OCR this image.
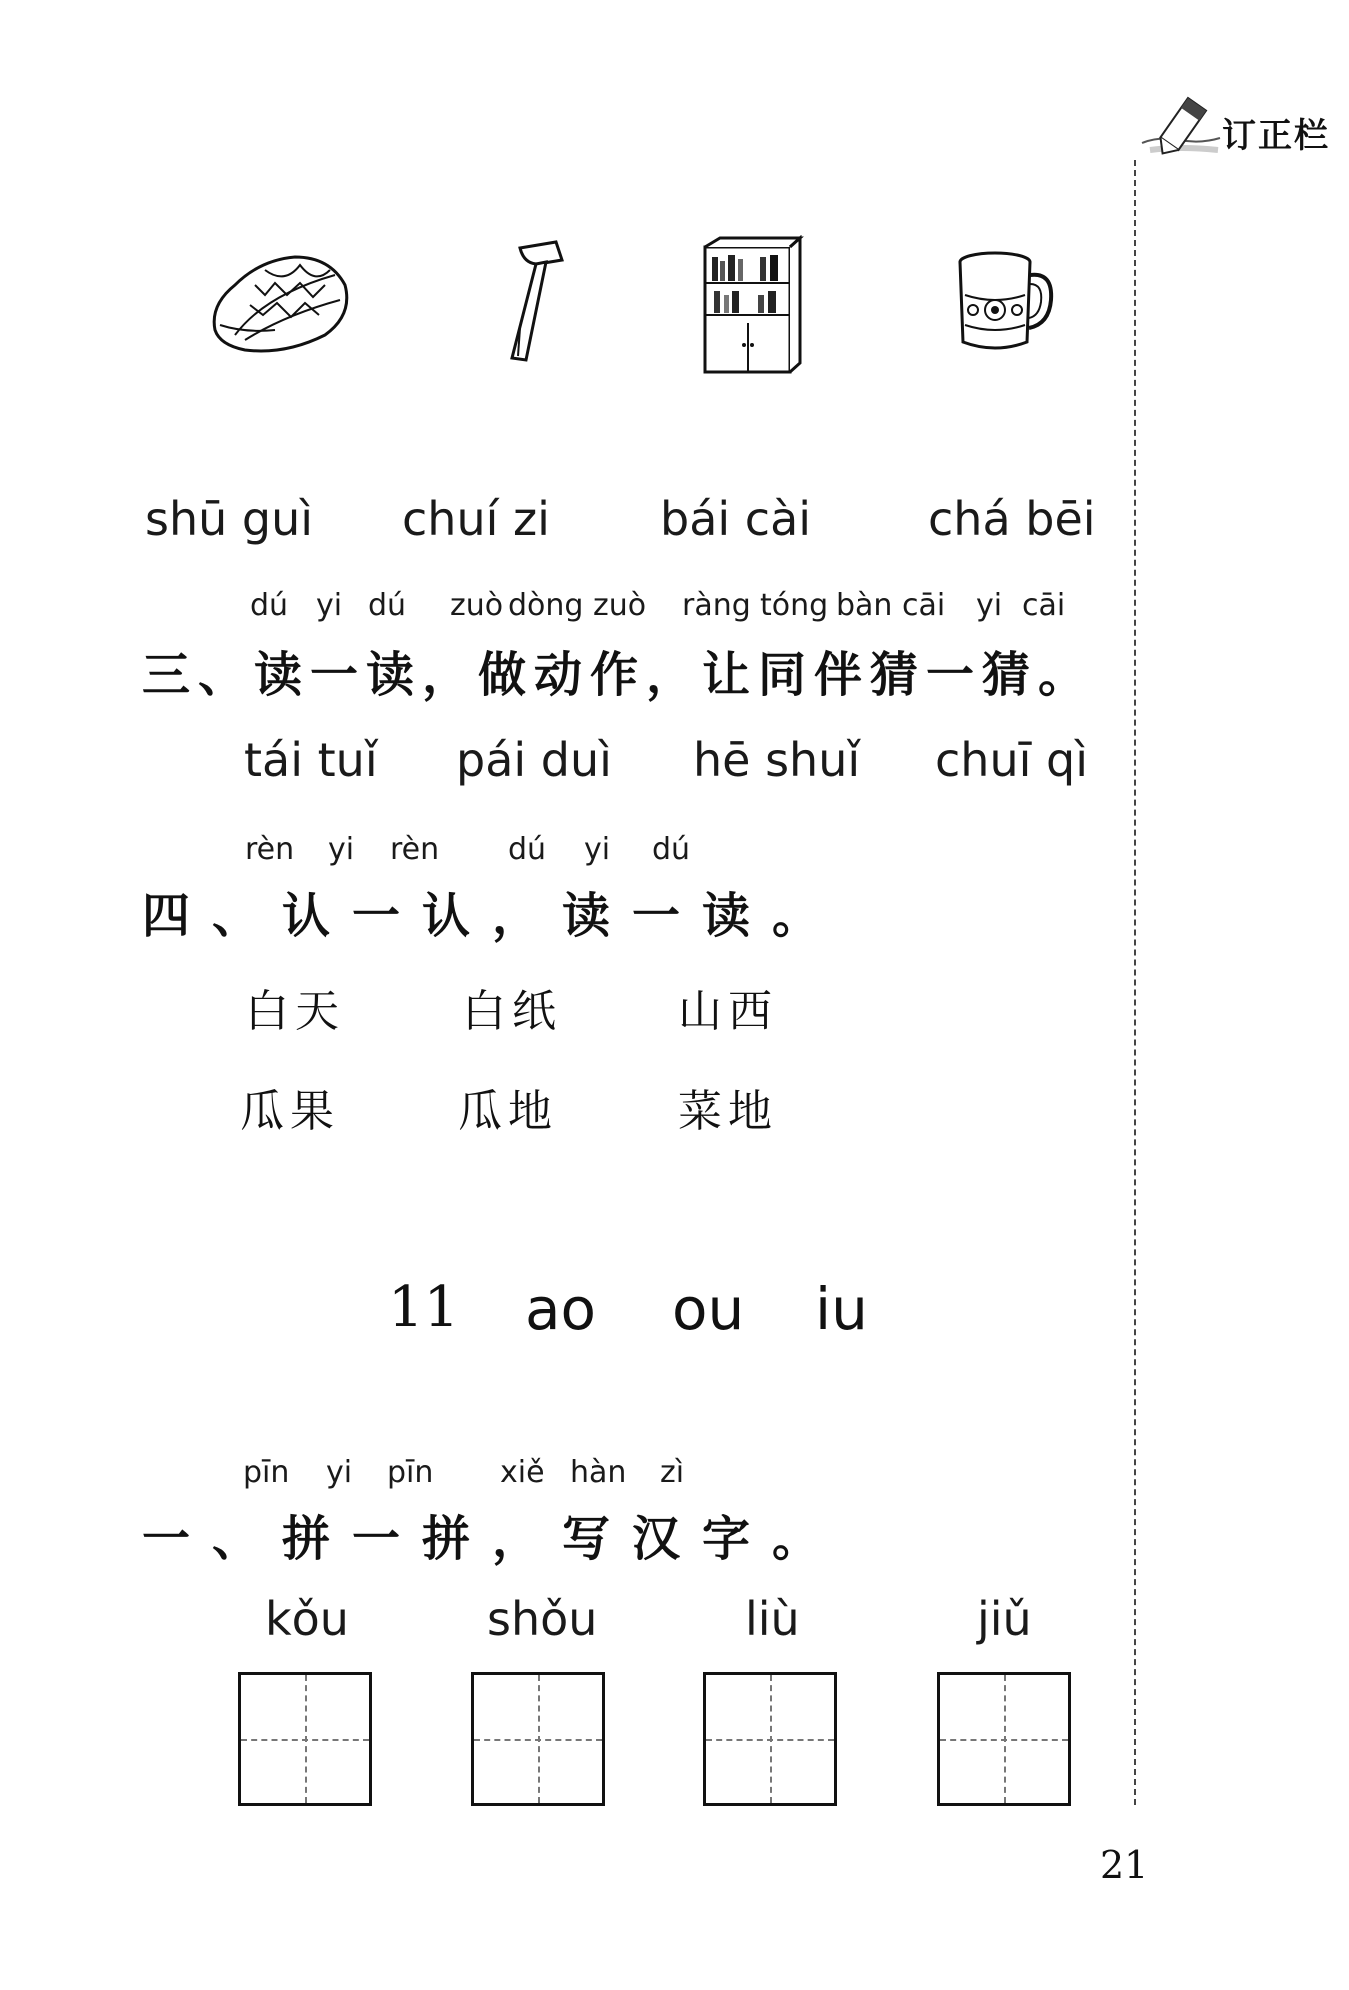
订正栏
shū guì chuí zi bái cài	chá bēi
dú yi dú zuò dòng zuò ràng tóng bàn cāi yi cāi
三、读一读，做动作，让同伴猜一猜。
tái tuǐ pái duì hē shuǐ chuī qì
rèn yi rèn dú yi dú
四、认一认，读一读。
白天	白纸	山西
瓜果	瓜地	菜地
11 ao ou iu
pīn yi pīn xiě hàn zì
一、拼一拼，写汉字。
kǒu	shǒu	liù	jiǔ
21
